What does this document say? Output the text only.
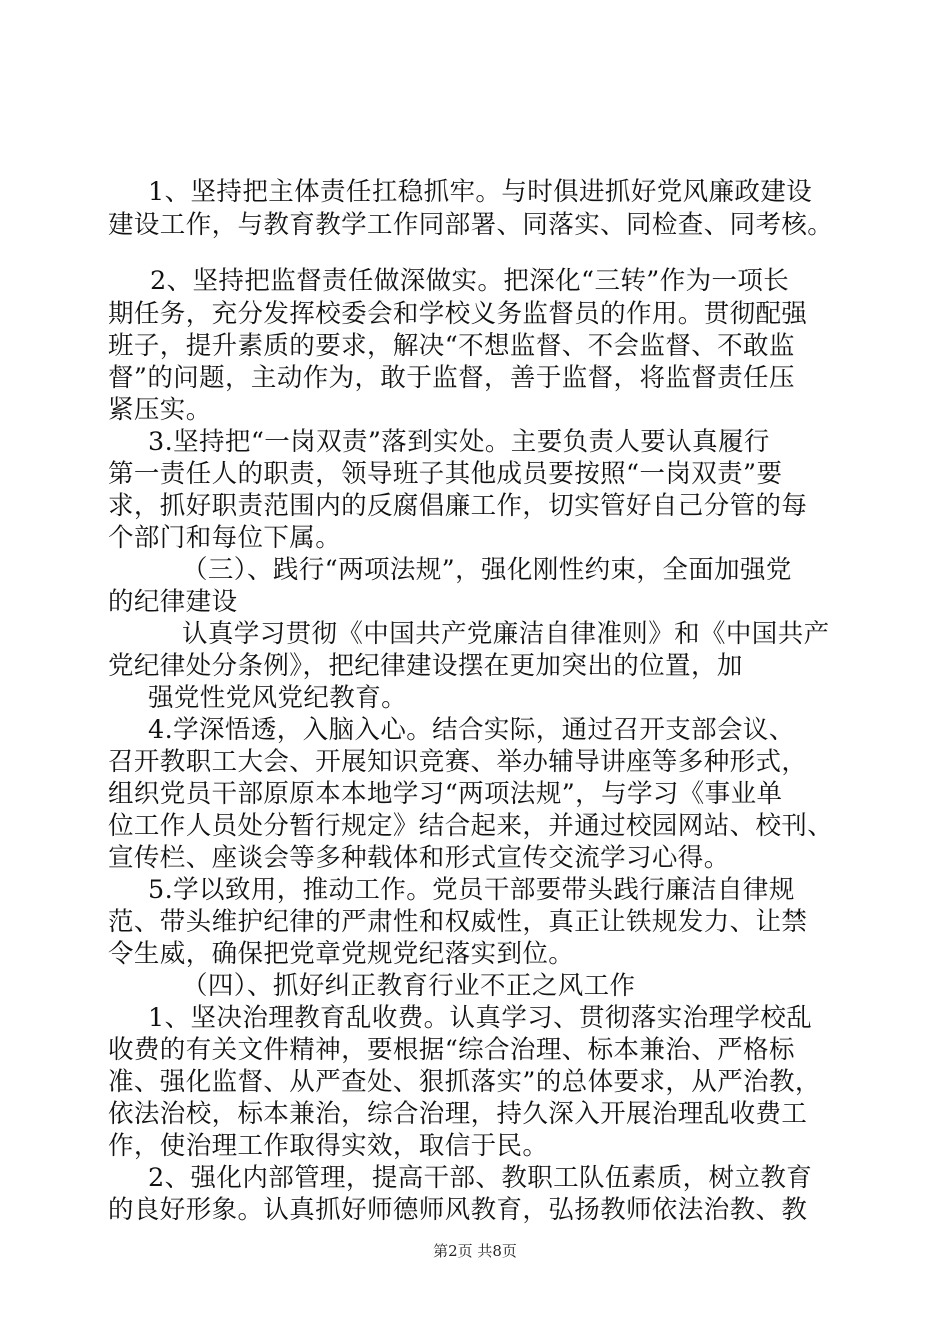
1、坚持把主体责任扛稳抓牢。与时俱进抓好党风廉政建设
建设工作，与教育教学工作同部署、同落实、同检查、同考核。
2、坚持把监督责任做深做实。把深化“三转”作为一项长
期任务，充分发挥校委会和学校义务监督员的作用。贯彻配强
班子，提升素质的要求，解决“不想监督、不会监督、不敢监
督”的问题，主动作为，敢于监督，善于监督，将监督责任压
紧压实。
3.坚持把“一岗双责”落到实处。主要负责人要认真履行
第一责任人的职责，领导班子其他成员要按照“一岗双责”要
求，抓好职责范围内的反腐倡廉工作，切实管好自己分管的每
个部门和每位下属。
（三）、践行“两项法规”，强化刚性约束，全面加强党
的纪律建设
认真学习贯彻《中国共产党廉洁自律准则》和《中国共产
党纪律处分条例》，把纪律建设摆在更加突出的位置，加
强党性党风党纪教育。
4.学深悟透，入脑入心。结合实际，通过召开支部会议、
召开教职工大会、开展知识竞赛、举办辅导讲座等多种形式，
组织党员干部原原本本地学习“两项法规”，与学习《事业单
位工作人员处分暂行规定》结合起来，并通过校园网站、校刊、
宣传栏、座谈会等多种载体和形式宣传交流学习心得。
5.学以致用，推动工作。党员干部要带头践行廉洁自律规
范、带头维护纪律的严肃性和权威性，真正让铁规发力、让禁
令生威，确保把党章党规党纪落实到位。
（四）、抓好纠正教育行业不正之风工作
1、坚决治理教育乱收费。认真学习、贯彻落实治理学校乱
收费的有关文件精神，要根据“综合治理、标本兼治、严格标
准、强化监督、从严查处、狠抓落实”的总体要求，从严治教，
依法治校，标本兼治，综合治理，持久深入开展治理乱收费工
作，使治理工作取得实效，取信于民。
2、强化内部管理，提高干部、教职工队伍素质，树立教育
的良好形象。认真抓好师德师风教育，弘扬教师依法治教、教
第2页 共8页
